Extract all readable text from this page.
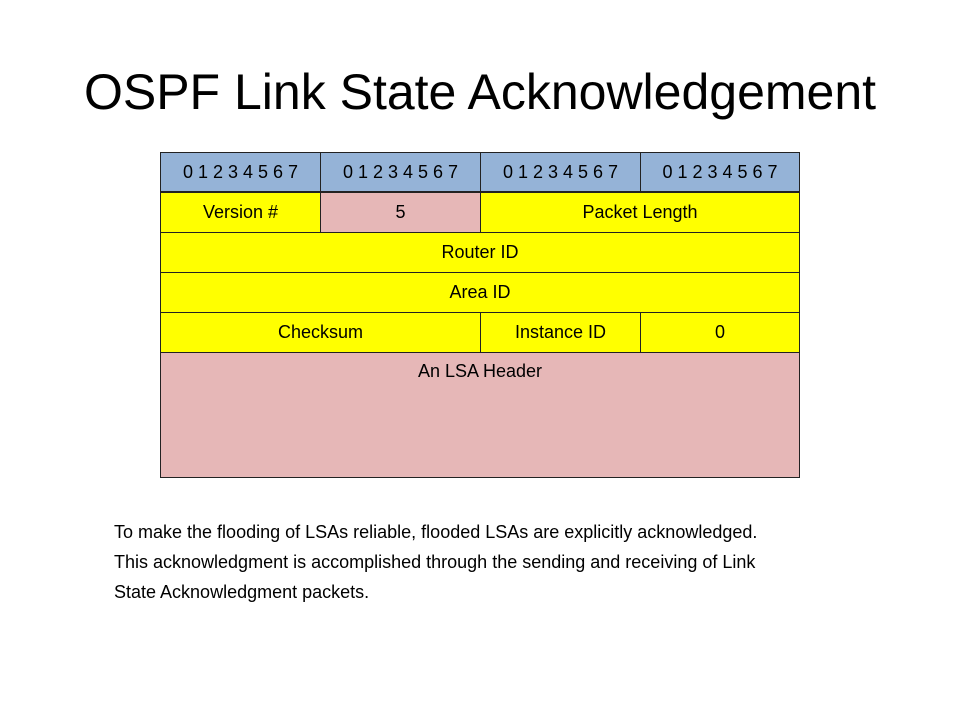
OSPF Link State Acknowledgement
0 1 2 3 4 5 6 7	0 1 2 3 4 5 6 7	0 1 2 3 4 5 6 7	0 1 2 3 4 5 6 7
Version #	5	Packet Length
Router ID
Area ID
Checksum	Instance ID	0
An LSA Header
To make the flooding of LSAs reliable, flooded LSAs are explicitly acknowledged.
This acknowledgment is accomplished through the sending and receiving of Link
State Acknowledgment packets.
